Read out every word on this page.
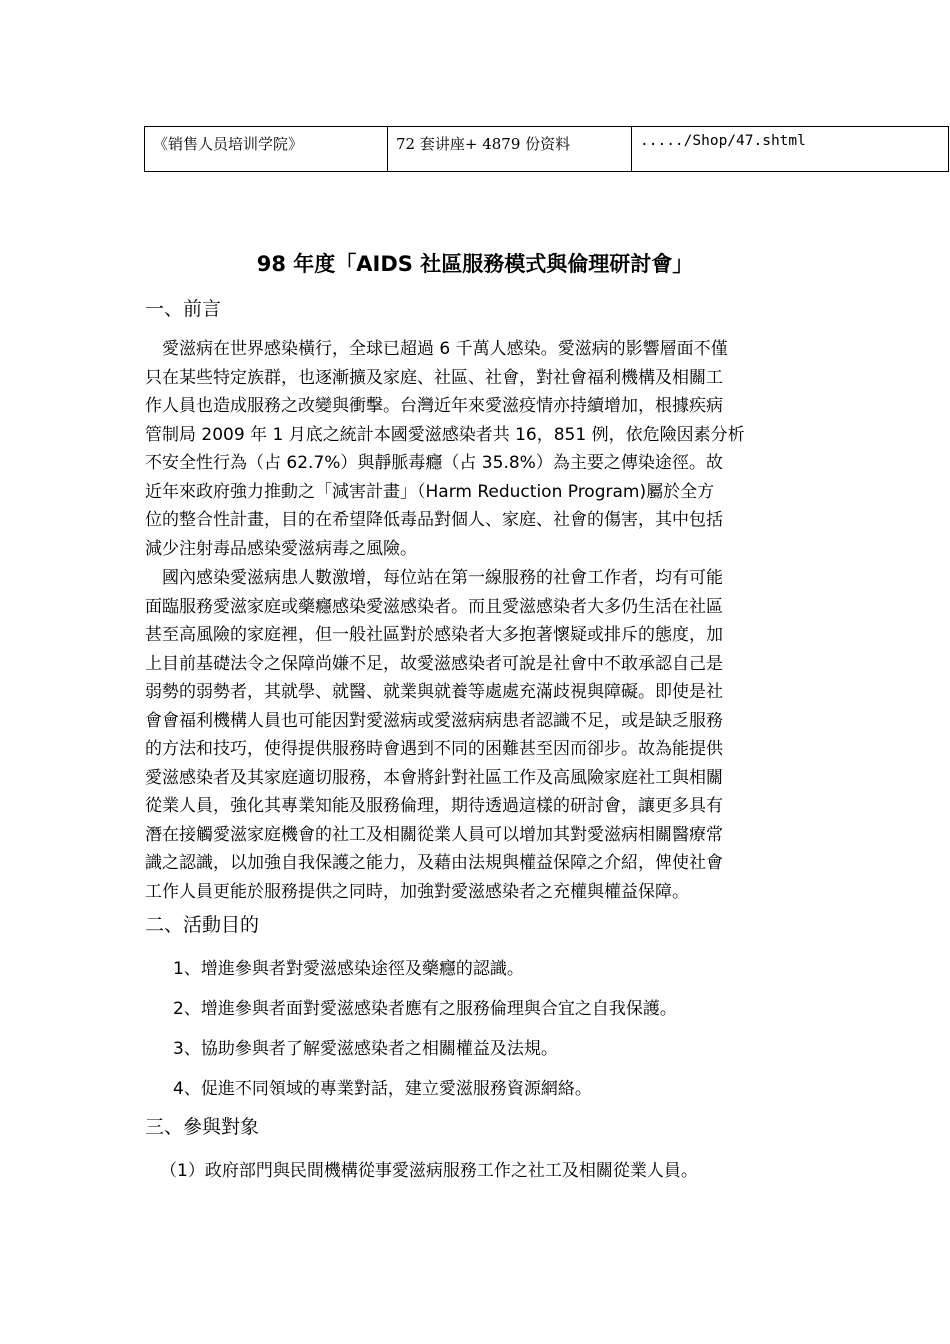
《销售人员培训学院》	72 套讲座+ 4879 份资料	...../Shop/47.shtml
98 年度「AIDS 社區服務模式與倫理研討會」
一、前言
　愛滋病在世界感染橫行，全球已超過 6 千萬人感染。愛滋病的影響層面不僅
只在某些特定族群，也逐漸擴及家庭、社區、社會，對社會福利機構及相關工
作人員也造成服務之改變與衝擊。台灣近年來愛滋疫情亦持續增加，根據疾病
管制局 2009 年 1 月底之統計本國愛滋感染者共 16，851 例，依危險因素分析
不安全性行為（占 62.7%）與靜脈毒癮（占 35.8%）為主要之傳染途徑。故
近年來政府強力推動之「減害計畫」（Harm Reduction Program)屬於全方
位的整合性計畫，目的在希望降低毒品對個人、家庭、社會的傷害，其中包括
減少注射毒品感染愛滋病毒之風險。
　國內感染愛滋病患人數激增，每位站在第一線服務的社會工作者，均有可能
面臨服務愛滋家庭或藥癮感染愛滋感染者。而且愛滋感染者大多仍生活在社區
甚至高風險的家庭裡，但一般社區對於感染者大多抱著懷疑或排斥的態度，加
上目前基礎法令之保障尚嫌不足，故愛滋感染者可說是社會中不敢承認自己是
弱勢的弱勢者，其就學、就醫、就業與就養等處處充滿歧視與障礙。即使是社
會會福利機構人員也可能因對愛滋病或愛滋病病患者認識不足，或是缺乏服務
的方法和技巧，使得提供服務時會遇到不同的困難甚至因而卻步。故為能提供
愛滋感染者及其家庭適切服務，本會將針對社區工作及高風險家庭社工與相關
從業人員，強化其專業知能及服務倫理，期待透過這樣的研討會，讓更多具有
潛在接觸愛滋家庭機會的社工及相關從業人員可以增加其對愛滋病相關醫療常
識之認識，以加強自我保護之能力，及藉由法規與權益保障之介紹，俾使社會
工作人員更能於服務提供之同時，加強對愛滋感染者之充權與權益保障。
二、活動目的
1、增進參與者對愛滋感染途徑及藥癮的認識。
2、增進參與者面對愛滋感染者應有之服務倫理與合宜之自我保護。
3、協助參與者了解愛滋感染者之相關權益及法規。
4、促進不同領域的專業對話，建立愛滋服務資源網絡。
三、參與對象
（1）政府部門與民間機構從事愛滋病服務工作之社工及相關從業人員。
